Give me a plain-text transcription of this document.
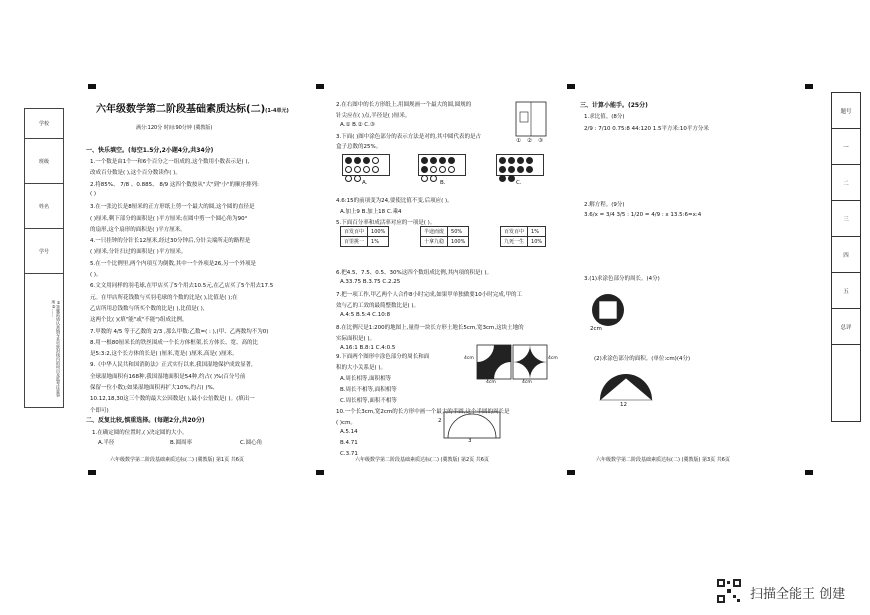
学校
班级
姓名
学号
①答题前请认真填写本页密封线内的项目及监考注意事项②……
六年级数学第二阶段基础素质达标(二)(1-4单元)
满分:120分 时间:90分钟 (冀教版)
一、快乐填空。(每空1.5分,2小题4分,共34分)
1.一个数是由1个一和6个百分之一组成的,这个数用小数表示是( ),
改成百分数是( ),这个百分数读作( )。
2.将85%、 7/8 、0.885、 8/9 这四个数按从"大"到"小"的顺序排列:
( )
3.在一张边长是8厘米的正方形纸上剪一个最大的圆,这个圆的直径是
( )厘米,剩下部分的面积是( )平方厘米;在圆中剪一个圆心角为90°
的扇形,这个扇形的面积是( )平方厘米。
4.一只挂钟的分针长12厘米,经过30分钟后,分针尖端所走的路程是
( )厘米,分针扫过的面积是( )平方厘米。
5.在一个比例里,两个内项互为倒数,其中一个外项是26,另一个外项是
( )。
6.文文用同样的羽毛球,在甲店买了5个用去10.5元,在乙店买了5个用去17.5
元。在甲店所花钱数与买羽毛球的个数的比是( ),比值是( );在
乙店所用总钱数与所买个数的比是( ),比值是( ),
这两个比( )(填"能"或"不能")组成比例。
7.甲数的 4/5 等于乙数的 2/3 ,那么甲数:乙数=( : ),(甲、乙两数均不为0)
8.用一根80厘米长的铁丝围成一个长方体框架,长方体长、宽、高的比
是5:3:2,这个长方体的长是( )厘米,宽是( )厘米,高是( )厘米。
9.《中华人民共和国消防法》正式实行以来,我国湿地保护成效显著,
全球湿地面积有168种,我国湿地面积是54种,约占( )%(百分号前
保留一位小数);如果湿地面积再扩大10%,约占( )%,
10.12,18,30这三个数的最大公因数是( ),最小公倍数是( )。(填出一
个即可)
二、反复比较,慎重选择。(每题2分,共20分)
1.在确定圆的位置时,( )决定圆的大小。
A.半径	B.圆周率	C.圆心角
六年级数学第二阶段基础素质达标(二) (冀教版) 第1页 共6页
2.在右图中的长方形纸上,用圆规画一个最大的圆,圆规的
针尖应在( )点,半径是( )厘米。
A.① B.② C.③
3.下面( )图中涂色部分的表示方法是对的,其中圆代表的是占
盒子总数的25%。
4.6:15的前项变为24,要使比值不变,后项应( )。
A.加上9 B.加上18 C.乘4
5.下面百分率和成活率对应的一项是( )。
6.把4.5、7.5、0.5、30%这四个数组成比例,其内项的积是( )。
A.33.75 B.3.75 C.2.25
7.把一项工作,甲乙两个人合作8小时完成,如果甲单独做要10小时完成,甲的工
效与乙的工效的最简整数比是( )。
A.4:5 B.5:4 C.10:8
8.在比例尺是1:200的地图上,量得一块长方形土地长5cm,宽3cm,这块土地的
实际面积是( )。
A.16:1 B.8:1 C.4:0.5
9.下面两个图形中涂色部分的周长和面
积的大小关系是( )。
A.周长相等,面积相等
B.周长不相等,面积相等
C.周长相等,面积不相等
10.一个长3cm,宽2cm的长方形中画一个最大的半圆,这个半圆的周长是
( )cm。
A.5.14
B.4.71
C.3.71
① ② ③
A.	B.	C.
百发百中	100%
百里挑一	1%
半途而废	50%
十拿九稳	100%
百发百中	1%
九死一生	10%
4cm
4cm
4cm
4cm
2
3
六年级数学第二阶段基础素质达标(二) (冀教版) 第2页 共6页
三、计算小能手。(25分)
1.求比值。(8分)
2/9 : 7/10 0.75:8 44:120 1.5平方米:10平方分米
2.解方程。(9分)
3.6/x = 3/4 3/5 : 1/20 = 4/9 : x 13.5:6=x:4
3.(1)求涂色部分的周长。(4分)
2cm
(2)求涂色部分的面积。(单位:cm)(4分)
12
六年级数学第二阶段基础素质达标(二) (冀教版) 第3页 共6页
题号
一
二
三
四
五
总评
扫描全能王 创建
